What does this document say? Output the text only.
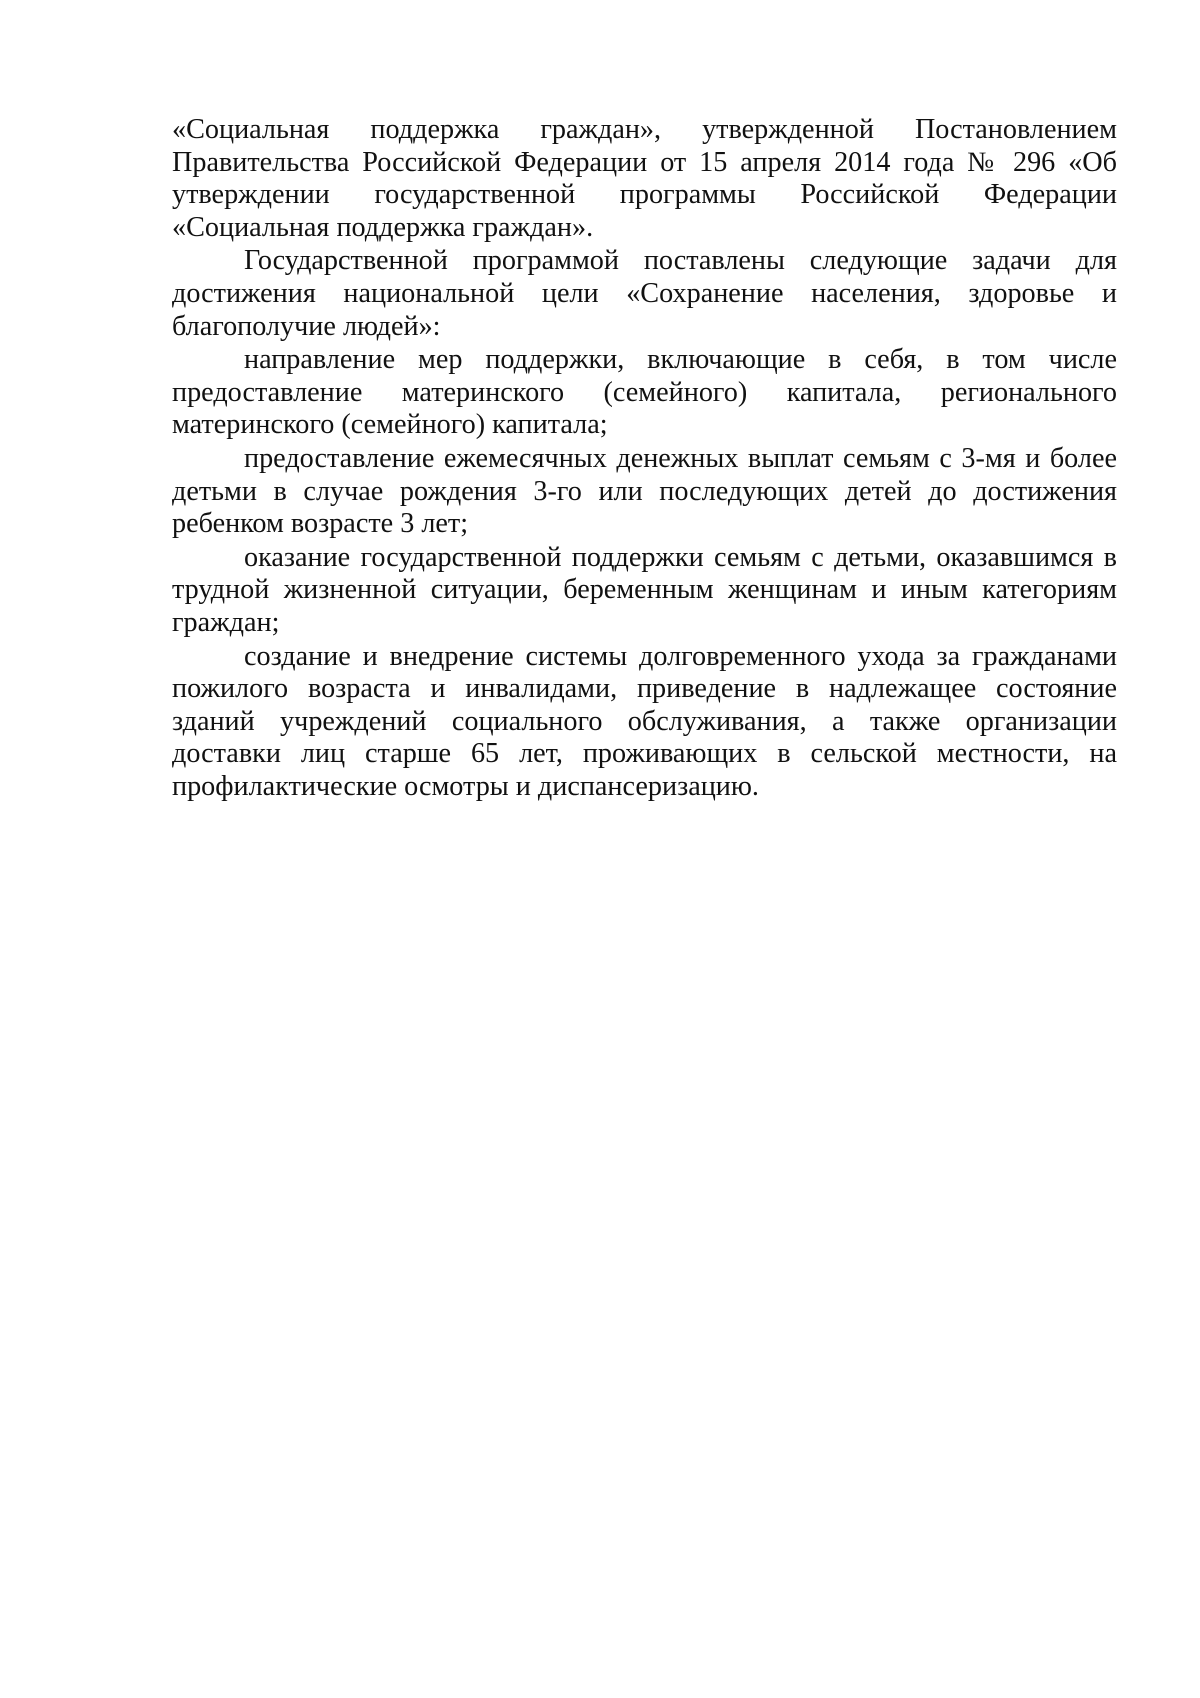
«Социальная поддержка граждан», утвержденной Постановлением Правительства Российской Федерации от 15 апреля 2014 года № 296 «Об утверждении государственной программы Российской Федерации «Социальная поддержка граждан».

Государственной программой поставлены следующие задачи для достижения национальной цели «Сохранение населения, здоровье и благополучие людей»:

направление мер поддержки, включающие в себя, в том числе предоставление материнского (семейного) капитала, регионального материнского (семейного) капитала;

предоставление ежемесячных денежных выплат семьям с 3-мя и более детьми в случае рождения 3-го или последующих детей до достижения ребенком возрасте 3 лет;

оказание государственной поддержки семьям с детьми, оказавшимся в трудной жизненной ситуации, беременным женщинам и иным категориям граждан;

создание и внедрение системы долговременного ухода за гражданами пожилого возраста и инвалидами, приведение в надлежащее состояние зданий учреждений социального обслуживания, а также организации доставки лиц старше 65 лет, проживающих в сельской местности, на профилактические осмотры и диспансеризацию.
